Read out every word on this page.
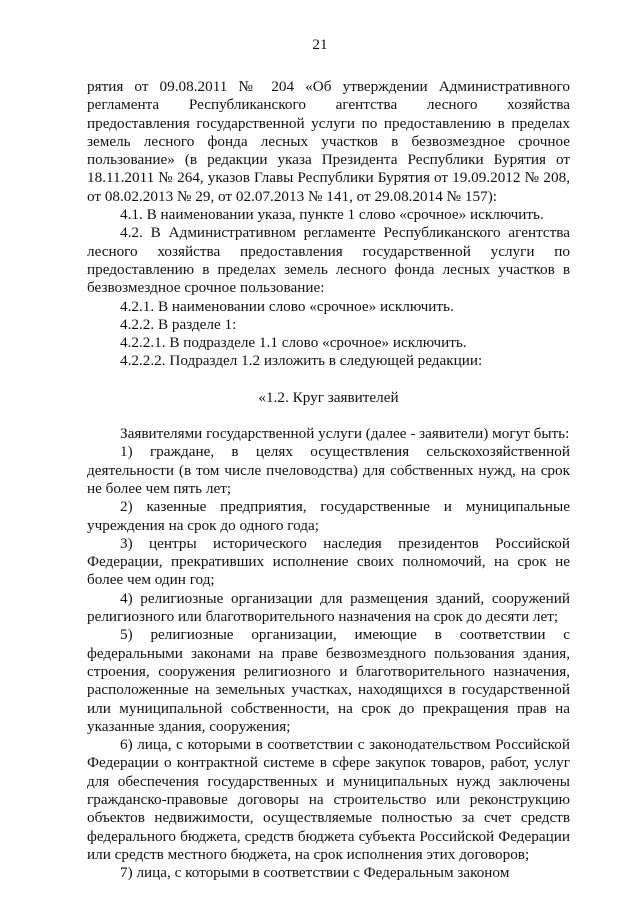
21

рятия от 09.08.2011 № 204 «Об утверждении Административного регламента Республиканского агентства лесного хозяйства предоставления государственной услуги по предоставлению в пределах земель лесного фонда лесных участков в безвозмездное срочное пользование» (в редакции указа Президента Республики Бурятия от 18.11.2011 № 264, указов Главы Республики Бурятия от 19.09.2012 № 208, от 08.02.2013 № 29, от 02.07.2013 № 141, от 29.08.2014 № 157):

4.1. В наименовании указа, пункте 1 слово «срочное» исключить.

4.2. В Административном регламенте Республиканского агентства лесного хозяйства предоставления государственной услуги по предоставлению в пределах земель лесного фонда лесных участков в безвозмездное срочное пользование:

4.2.1. В наименовании слово «срочное» исключить.

4.2.2. В разделе 1:

4.2.2.1. В подразделе 1.1 слово «срочное» исключить.

4.2.2.2. Подраздел 1.2 изложить в следующей редакции:

«1.2. Круг заявителей

Заявителями государственной услуги (далее - заявители) могут быть:

1) граждане, в целях осуществления сельскохозяйственной деятельности (в том числе пчеловодства) для собственных нужд, на срок не более чем пять лет;

2) казенные предприятия, государственные и муниципальные учреждения на срок до одного года;

3) центры исторического наследия президентов Российской Федерации, прекративших исполнение своих полномочий, на срок не более чем один год;

4) религиозные организации для размещения зданий, сооружений религиозного или благотворительного назначения на срок до десяти лет;

5) религиозные организации, имеющие в соответствии с федеральными законами на праве безвозмездного пользования здания, строения, сооружения религиозного и благотворительного назначения, расположенные на земельных участках, находящихся в государственной или муниципальной собственности, на срок до прекращения прав на указанные здания, сооружения;

6) лица, с которыми в соответствии с законодательством Российской Федерации о контрактной системе в сфере закупок товаров, работ, услуг для обеспечения государственных и муниципальных нужд заключены гражданско-правовые договоры на строительство или реконструкцию объектов недвижимости, осуществляемые полностью за счет средств федерального бюджета, средств бюджета субъекта Российской Федерации или средств местного бюджета, на срок исполнения этих договоров;

7) лица, с которыми в соответствии с Федеральным законом
